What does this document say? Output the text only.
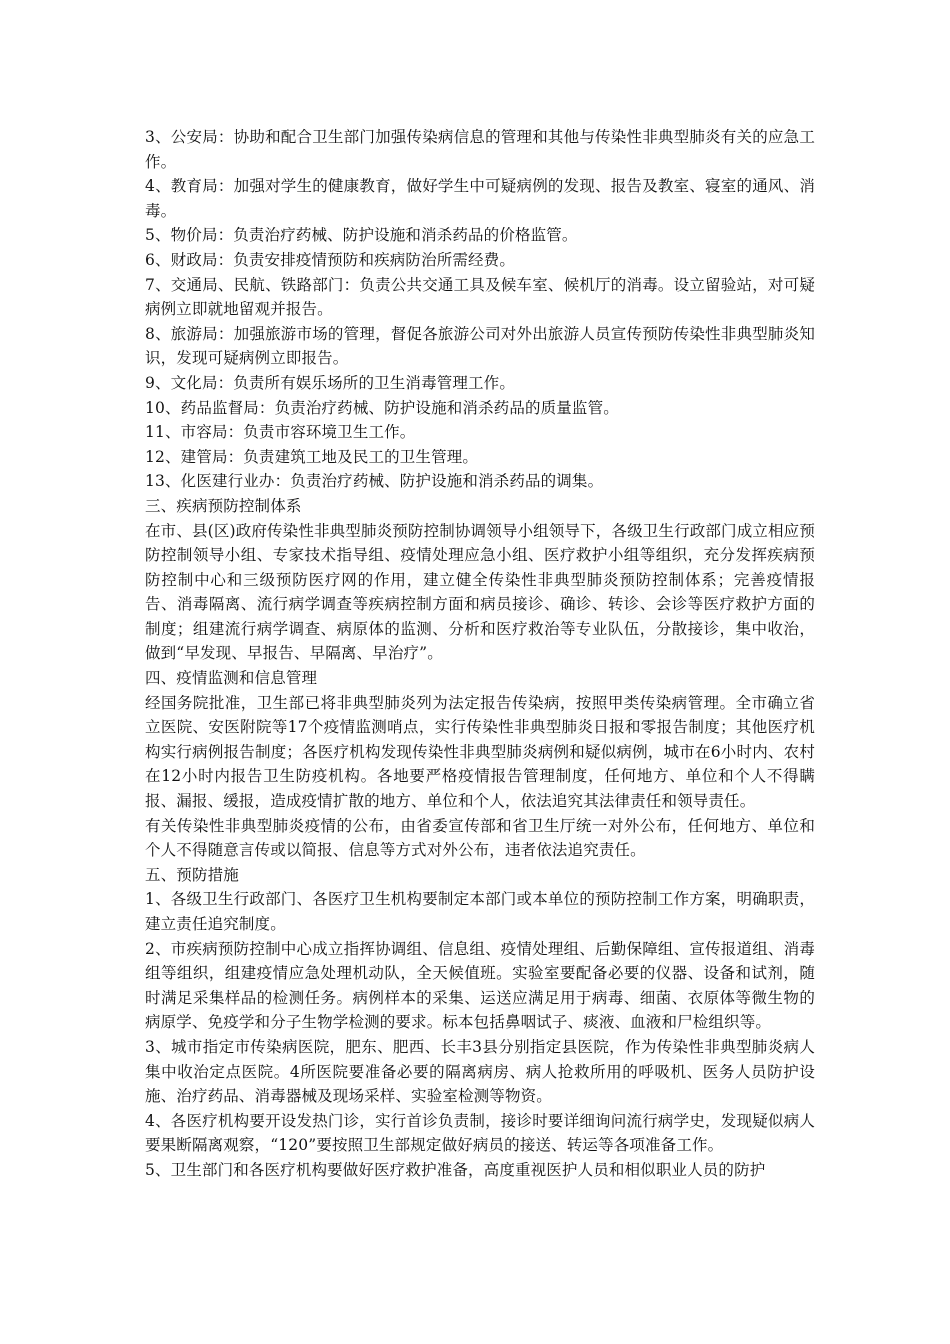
3、公安局：协助和配合卫生部门加强传染病信息的管理和其他与传染性非典型肺炎有关的应急工作。

4、教育局：加强对学生的健康教育，做好学生中可疑病例的发现、报告及教室、寝室的通风、消毒。

5、物价局：负责治疗药械、防护设施和消杀药品的价格监管。

6、财政局：负责安排疫情预防和疾病防治所需经费。

7、交通局、民航、铁路部门：负责公共交通工具及候车室、候机厅的消毒。设立留验站，对可疑病例立即就地留观并报告。

8、旅游局：加强旅游市场的管理，督促各旅游公司对外出旅游人员宣传预防传染性非典型肺炎知识，发现可疑病例立即报告。

9、文化局：负责所有娱乐场所的卫生消毒管理工作。

10、药品监督局：负责治疗药械、防护设施和消杀药品的质量监管。

11、市容局：负责市容环境卫生工作。

12、建管局：负责建筑工地及民工的卫生管理。

13、化医建行业办：负责治疗药械、防护设施和消杀药品的调集。

三、疾病预防控制体系

在市、县(区)政府传染性非典型肺炎预防控制协调领导小组领导下，各级卫生行政部门成立相应预防控制领导小组、专家技术指导组、疫情处理应急小组、医疗救护小组等组织，充分发挥疾病预防控制中心和三级预防医疗网的作用，建立健全传染性非典型肺炎预防控制体系；完善疫情报告、消毒隔离、流行病学调查等疾病控制方面和病员接诊、确诊、转诊、会诊等医疗救护方面的制度；组建流行病学调查、病原体的监测、分析和医疗救治等专业队伍，分散接诊，集中收治，做到“早发现、早报告、早隔离、早治疗”。

四、疫情监测和信息管理

经国务院批准，卫生部已将非典型肺炎列为法定报告传染病，按照甲类传染病管理。全市确立省立医院、安医附院等17个疫情监测哨点，实行传染性非典型肺炎日报和零报告制度；其他医疗机构实行病例报告制度；各医疗机构发现传染性非典型肺炎病例和疑似病例，城市在6小时内、农村在12小时内报告卫生防疫机构。各地要严格疫情报告管理制度，任何地方、单位和个人不得瞒报、漏报、缓报，造成疫情扩散的地方、单位和个人，依法追究其法律责任和领导责任。

有关传染性非典型肺炎疫情的公布，由省委宣传部和省卫生厅统一对外公布，任何地方、单位和个人不得随意言传或以简报、信息等方式对外公布，违者依法追究责任。

五、预防措施

1、各级卫生行政部门、各医疗卫生机构要制定本部门或本单位的预防控制工作方案，明确职责，建立责任追究制度。

2、市疾病预防控制中心成立指挥协调组、信息组、疫情处理组、后勤保障组、宣传报道组、消毒组等组织，组建疫情应急处理机动队，全天候值班。实验室要配备必要的仪器、设备和试剂，随时满足采集样品的检测任务。病例样本的采集、运送应满足用于病毒、细菌、衣原体等微生物的病原学、免疫学和分子生物学检测的要求。标本包括鼻咽试子、痰液、血液和尸检组织等。

3、城市指定市传染病医院，肥东、肥西、长丰3县分别指定县医院，作为传染性非典型肺炎病人集中收治定点医院。4所医院要准备必要的隔离病房、病人抢救所用的呼吸机、医务人员防护设施、治疗药品、消毒器械及现场采样、实验室检测等物资。

4、各医疗机构要开设发热门诊，实行首诊负责制，接诊时要详细询问流行病学史，发现疑似病人要果断隔离观察，“120”要按照卫生部规定做好病员的接送、转运等各项准备工作。

5、卫生部门和各医疗机构要做好医疗救护准备，高度重视医护人员和相似职业人员的防护
